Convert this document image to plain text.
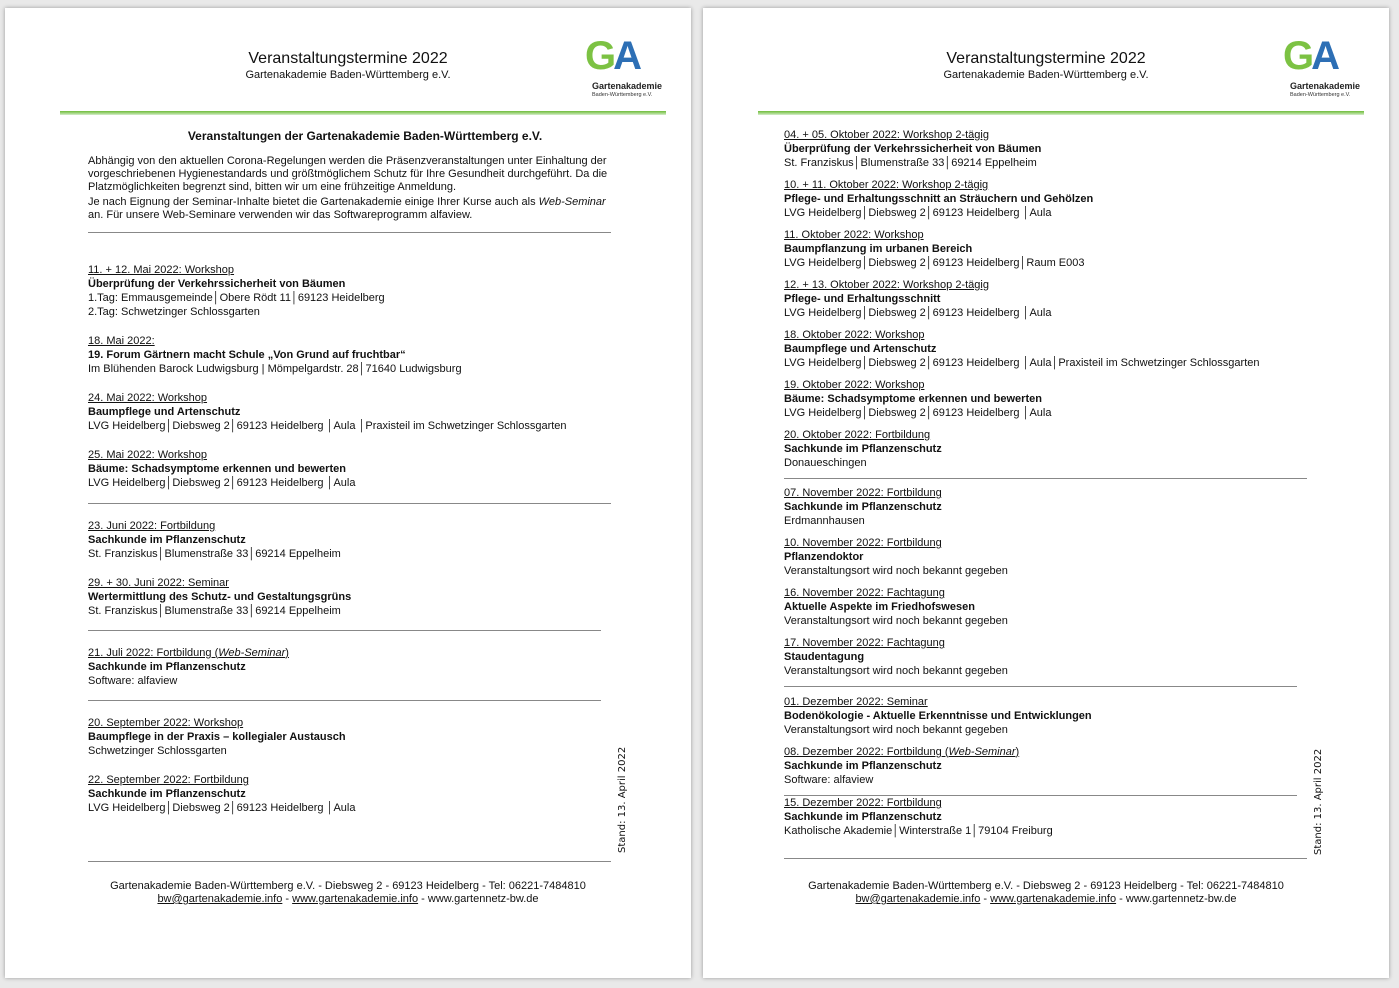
Veranstaltungstermine 2022
Gartenakademie Baden-Württemberg e.V.	GA
Gartenakademie
Baden-Württemberg e.V.
Veranstaltungen der Gartenakademie Baden-Württemberg e.V.
Abhängig von den aktuellen Corona-Regelungen werden die Präsenzveranstaltungen unter Einhaltung der vorgeschriebenen Hygienestandards und größtmöglichem Schutz für Ihre Gesundheit durchgeführt. Da die Platzmöglichkeiten begrenzt sind, bitten wir um eine frühzeitige Anmeldung.
Je nach Eignung der Seminar-Inhalte bietet die Gartenakademie einige Ihrer Kurse auch als Web-Seminar an. Für unsere Web-Seminare verwenden wir das Softwareprogramm alfaview.
11. + 12. Mai 2022: Workshop
Überprüfung der Verkehrssicherheit von Bäumen
1.Tag: Emmausgemeinde│Obere Rödt 11│69123 Heidelberg
2.Tag: Schwetzinger Schlossgarten
18. Mai 2022:
19. Forum Gärtnern macht Schule „Von Grund auf fruchtbar“
Im Blühenden Barock Ludwigsburg | Mömpelgardstr. 28│71640 Ludwigsburg
24. Mai 2022: Workshop
Baumpflege und Artenschutz
LVG Heidelberg│Diebsweg 2│69123 Heidelberg │Aula │Praxisteil im Schwetzinger Schlossgarten
25. Mai 2022: Workshop
Bäume: Schadsymptome erkennen und bewerten
LVG Heidelberg│Diebsweg 2│69123 Heidelberg │Aula
23. Juni 2022: Fortbildung
Sachkunde im Pflanzenschutz
St. Franziskus│Blumenstraße 33│69214 Eppelheim
29. + 30. Juni 2022: Seminar
Wertermittlung des Schutz- und Gestaltungsgrüns
St. Franziskus│Blumenstraße 33│69214 Eppelheim
21. Juli 2022: Fortbildung (Web-Seminar)
Sachkunde im Pflanzenschutz
Software: alfaview
20. September 2022: Workshop
Baumpflege in der Praxis – kollegialer Austausch
Schwetzinger Schlossgarten
22. September 2022: Fortbildung
Sachkunde im Pflanzenschutz
LVG Heidelberg│Diebsweg 2│69123 Heidelberg │Aula	Stand: 13. April 2022
Gartenakademie Baden-Württemberg e.V. - Diebsweg 2 - 69123 Heidelberg - Tel: 06221-7484810
bw@gartenakademie.info - www.gartenakademie.info - www.gartennetz-bw.de
Veranstaltungstermine 2022
Gartenakademie Baden-Württemberg e.V.	GA
Gartenakademie
Baden-Württemberg e.V.
04. + 05. Oktober 2022: Workshop 2-tägig
Überprüfung der Verkehrssicherheit von Bäumen
St. Franziskus│Blumenstraße 33│69214 Eppelheim
10. + 11. Oktober 2022: Workshop 2-tägig
Pflege- und Erhaltungsschnitt an Sträuchern und Gehölzen
LVG Heidelberg│Diebsweg 2│69123 Heidelberg │Aula
11. Oktober 2022: Workshop
Baumpflanzung im urbanen Bereich
LVG Heidelberg│Diebsweg 2│69123 Heidelberg│Raum E003
12. + 13. Oktober 2022: Workshop 2-tägig
Pflege- und Erhaltungsschnitt
LVG Heidelberg│Diebsweg 2│69123 Heidelberg │Aula
18. Oktober 2022: Workshop
Baumpflege und Artenschutz
LVG Heidelberg│Diebsweg 2│69123 Heidelberg │Aula│Praxisteil im Schwetzinger Schlossgarten
19. Oktober 2022: Workshop
Bäume: Schadsymptome erkennen und bewerten
LVG Heidelberg│Diebsweg 2│69123 Heidelberg │Aula
20. Oktober 2022: Fortbildung
Sachkunde im Pflanzenschutz
Donaueschingen
07. November 2022: Fortbildung
Sachkunde im Pflanzenschutz
Erdmannhausen
10. November 2022: Fortbildung
Pflanzendoktor
Veranstaltungsort wird noch bekannt gegeben
16. November 2022: Fachtagung
Aktuelle Aspekte im Friedhofswesen
Veranstaltungsort wird noch bekannt gegeben
17. November 2022: Fachtagung
Staudentagung
Veranstaltungsort wird noch bekannt gegeben
01. Dezember 2022: Seminar
Bodenökologie - Aktuelle Erkenntnisse und Entwicklungen
Veranstaltungsort wird noch bekannt gegeben
08. Dezember 2022: Fortbildung (Web-Seminar)
Sachkunde im Pflanzenschutz
Software: alfaview
15. Dezember 2022: Fortbildung
Sachkunde im Pflanzenschutz
Katholische Akademie│Winterstraße 1│79104 Freiburg	Stand: 13. April 2022
Gartenakademie Baden-Württemberg e.V. - Diebsweg 2 - 69123 Heidelberg - Tel: 06221-7484810
bw@gartenakademie.info - www.gartenakademie.info - www.gartennetz-bw.de
